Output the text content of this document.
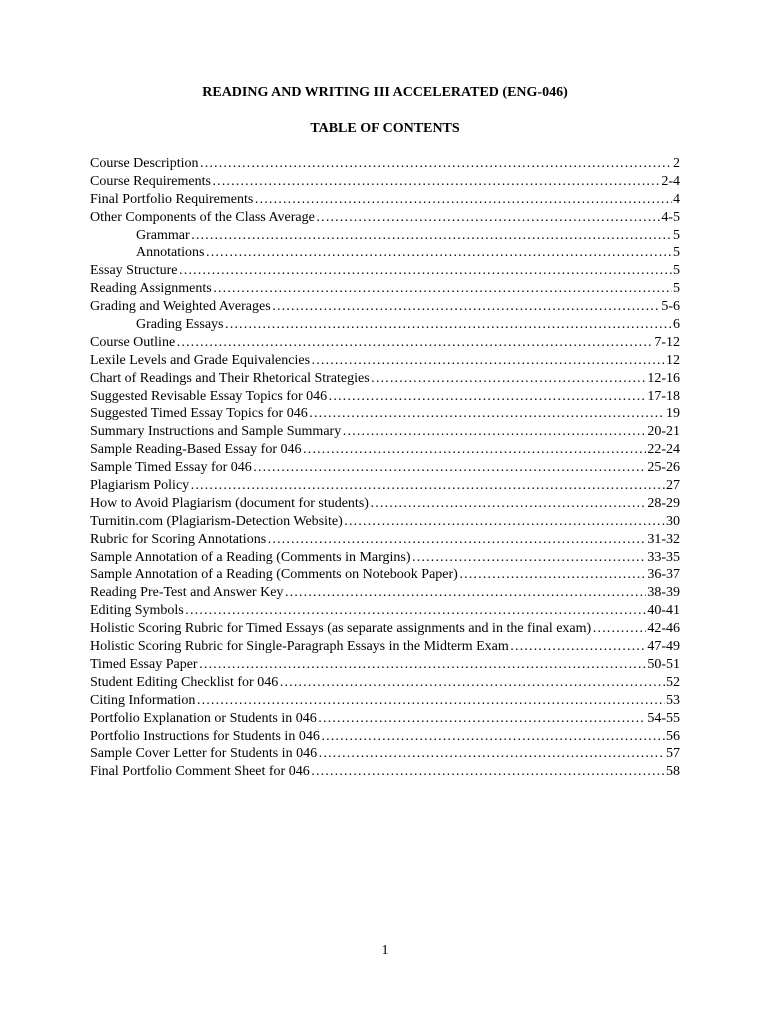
READING AND WRITING III ACCELERATED (ENG-046)
TABLE OF CONTENTS
Course Description ………………………………………………………………………………………………………………………………………………………………	2
Course Requirements ………………………………………………………………………………………………………………………………………………………………	2-4
Final Portfolio Requirements ………………………………………………………………………………………………………………………………………………………………	4
Other Components of the Class Average ………………………………………………………………………………………………………………………………………………………………	4-5
Grammar ………………………………………………………………………………………………………………………………………………………………	5
Annotations ………………………………………………………………………………………………………………………………………………………………	5
Essay Structure ………………………………………………………………………………………………………………………………………………………………	5
Reading Assignments ………………………………………………………………………………………………………………………………………………………………	5
Grading and Weighted Averages ………………………………………………………………………………………………………………………………………………………………	5-6
Grading Essays ………………………………………………………………………………………………………………………………………………………………	6
Course Outline ………………………………………………………………………………………………………………………………………………………………	7-12
Lexile Levels and Grade Equivalencies ………………………………………………………………………………………………………………………………………………………………	12
Chart of Readings and Their Rhetorical Strategies ………………………………………………………………………………………………………………………………………………………………	12-16
Suggested Revisable Essay Topics for 046 ………………………………………………………………………………………………………………………………………………………………	17-18
Suggested Timed Essay Topics for 046 ………………………………………………………………………………………………………………………………………………………………	19
Summary Instructions and Sample Summary ………………………………………………………………………………………………………………………………………………………………	20-21
Sample Reading-Based Essay for 046 ………………………………………………………………………………………………………………………………………………………………	22-24
Sample Timed Essay for 046 ………………………………………………………………………………………………………………………………………………………………	25-26
Plagiarism Policy ………………………………………………………………………………………………………………………………………………………………	27
How to Avoid Plagiarism (document for students) ………………………………………………………………………………………………………………………………………………………………	28-29
Turnitin.com (Plagiarism-Detection Website) ………………………………………………………………………………………………………………………………………………………………	30
Rubric for Scoring Annotations ………………………………………………………………………………………………………………………………………………………………	31-32
Sample Annotation of a Reading (Comments in Margins) ………………………………………………………………………………………………………………………………………………………………	33-35
Sample Annotation of a Reading (Comments on Notebook Paper) ………………………………………………………………………………………………………………………………………………………………	36-37
Reading Pre-Test and Answer Key ………………………………………………………………………………………………………………………………………………………………	38-39
Editing Symbols ………………………………………………………………………………………………………………………………………………………………	40-41
Holistic Scoring Rubric for Timed Essays (as separate assignments and in the final exam) ………………………………………………………………………………………………………………………………………………………………	42-46
Holistic Scoring Rubric for Single-Paragraph Essays in the Midterm Exam ………………………………………………………………………………………………………………………………………………………………	47-49
Timed Essay Paper ………………………………………………………………………………………………………………………………………………………………	50-51
Student Editing Checklist for 046 ………………………………………………………………………………………………………………………………………………………………	52
Citing Information ………………………………………………………………………………………………………………………………………………………………	53
Portfolio Explanation or Students in 046 ………………………………………………………………………………………………………………………………………………………………	54-55
Portfolio Instructions for Students in 046 ………………………………………………………………………………………………………………………………………………………………	56
Sample Cover Letter for Students in 046 ………………………………………………………………………………………………………………………………………………………………	57
Final Portfolio Comment Sheet for 046 ………………………………………………………………………………………………………………………………………………………………	58
1
